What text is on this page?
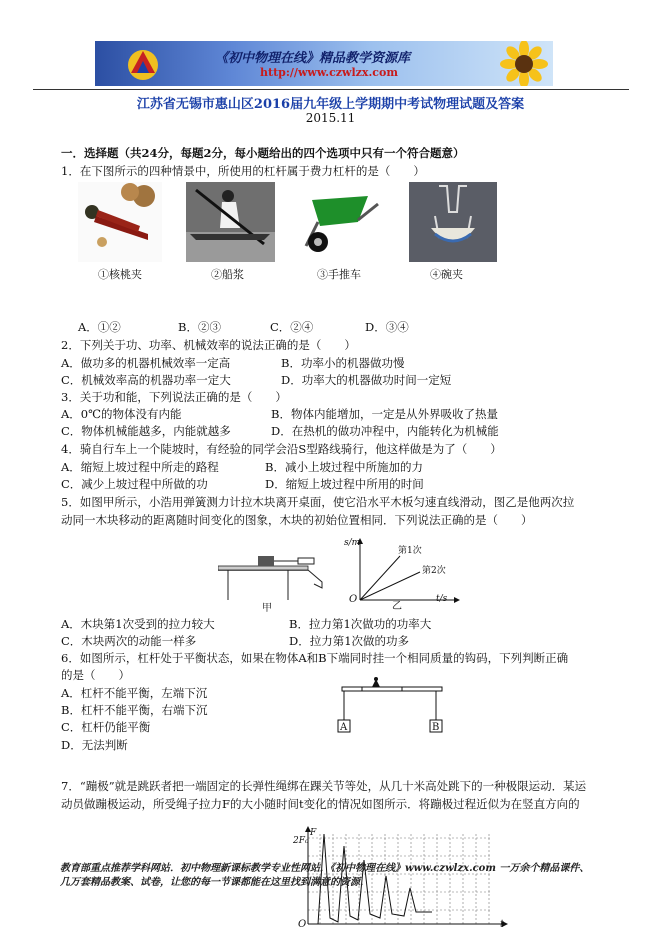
《初中物理在线》精品教学资源库
http://www.czwlzx.com
江苏省无锡市惠山区2016届九年级上学期期中考试物理试题及答案
2015.11
一．选择题（共24分，每题2分，每小题给出的四个选项中只有一个符合题意）
1．在下图所示的四种情景中，所使用的杠杆属于费力杠杆的是（　　）
①核桃夹	②船浆	③手推车	④碗夹
A．①②	B．②③	C．②④	D．③④
2．下列关于功、功率、机械效率的说法正确的是（　　）
A．做功多的机器机械效率一定高	B．功率小的机器做功慢
C．机械效率高的机器功率一定大	D．功率大的机器做功时间一定短
3．关于功和能，下列说法正确的是（　　）
A．0℃的物体没有内能	B．物体内能增加，一定是从外界吸收了热量
C．物体机械能越多，内能就越多	D．在热机的做功冲程中，内能转化为机械能
4．骑自行车上一个陡坡时，有经验的同学会沿S型路线骑行，他这样做是为了（　　）
A．缩短上坡过程中所走的路程	B．减小上坡过程中所施加的力
C．减少上坡过程中所做的功	D．缩短上坡过程中所用的时间
5．如图甲所示，小浩用弹簧测力计拉木块离开桌面，使它沿水平木板匀速直线滑动，图乙是他两次拉
动同一木块移动的距离随时间变化的图象，木块的初始位置相同．下列说法正确的是（　　）
甲
s/m
t/s
O
第1次
第2次
乙
A．木块第1次受到的拉力较大	B．拉力第1次做功的功率大
C．木块两次的动能一样多	D．拉力第1次做的功多
6．如图所示，杠杆处于平衡状态，如果在物体A和B下端同时挂一个相同质量的钩码，下列判断正确
的是（　　）
A．杠杆不能平衡，左端下沉
B．杠杆不能平衡，右端下沉
C．杠杆仍能平衡
D．无法判断
A	B
7．“蹦极”就是跳跃者把一端固定的长弹性绳绑在踝关节等处，从几十米高处跳下的一种极限运动．某运
动员做蹦极运动，所受绳子拉力F的大小随时间t变化的情况如图所示．将蹦极过程近似为在竖直方向的
2F₀
F
O	t
教育部重点推荐学科网站．初中物理新课标教学专业性网站．《初中物理在线》www.czwlzx.com 一万余个精品课件、
几万套精品教案、试卷，让您的每一节课都能在这里找到满意的资源．
